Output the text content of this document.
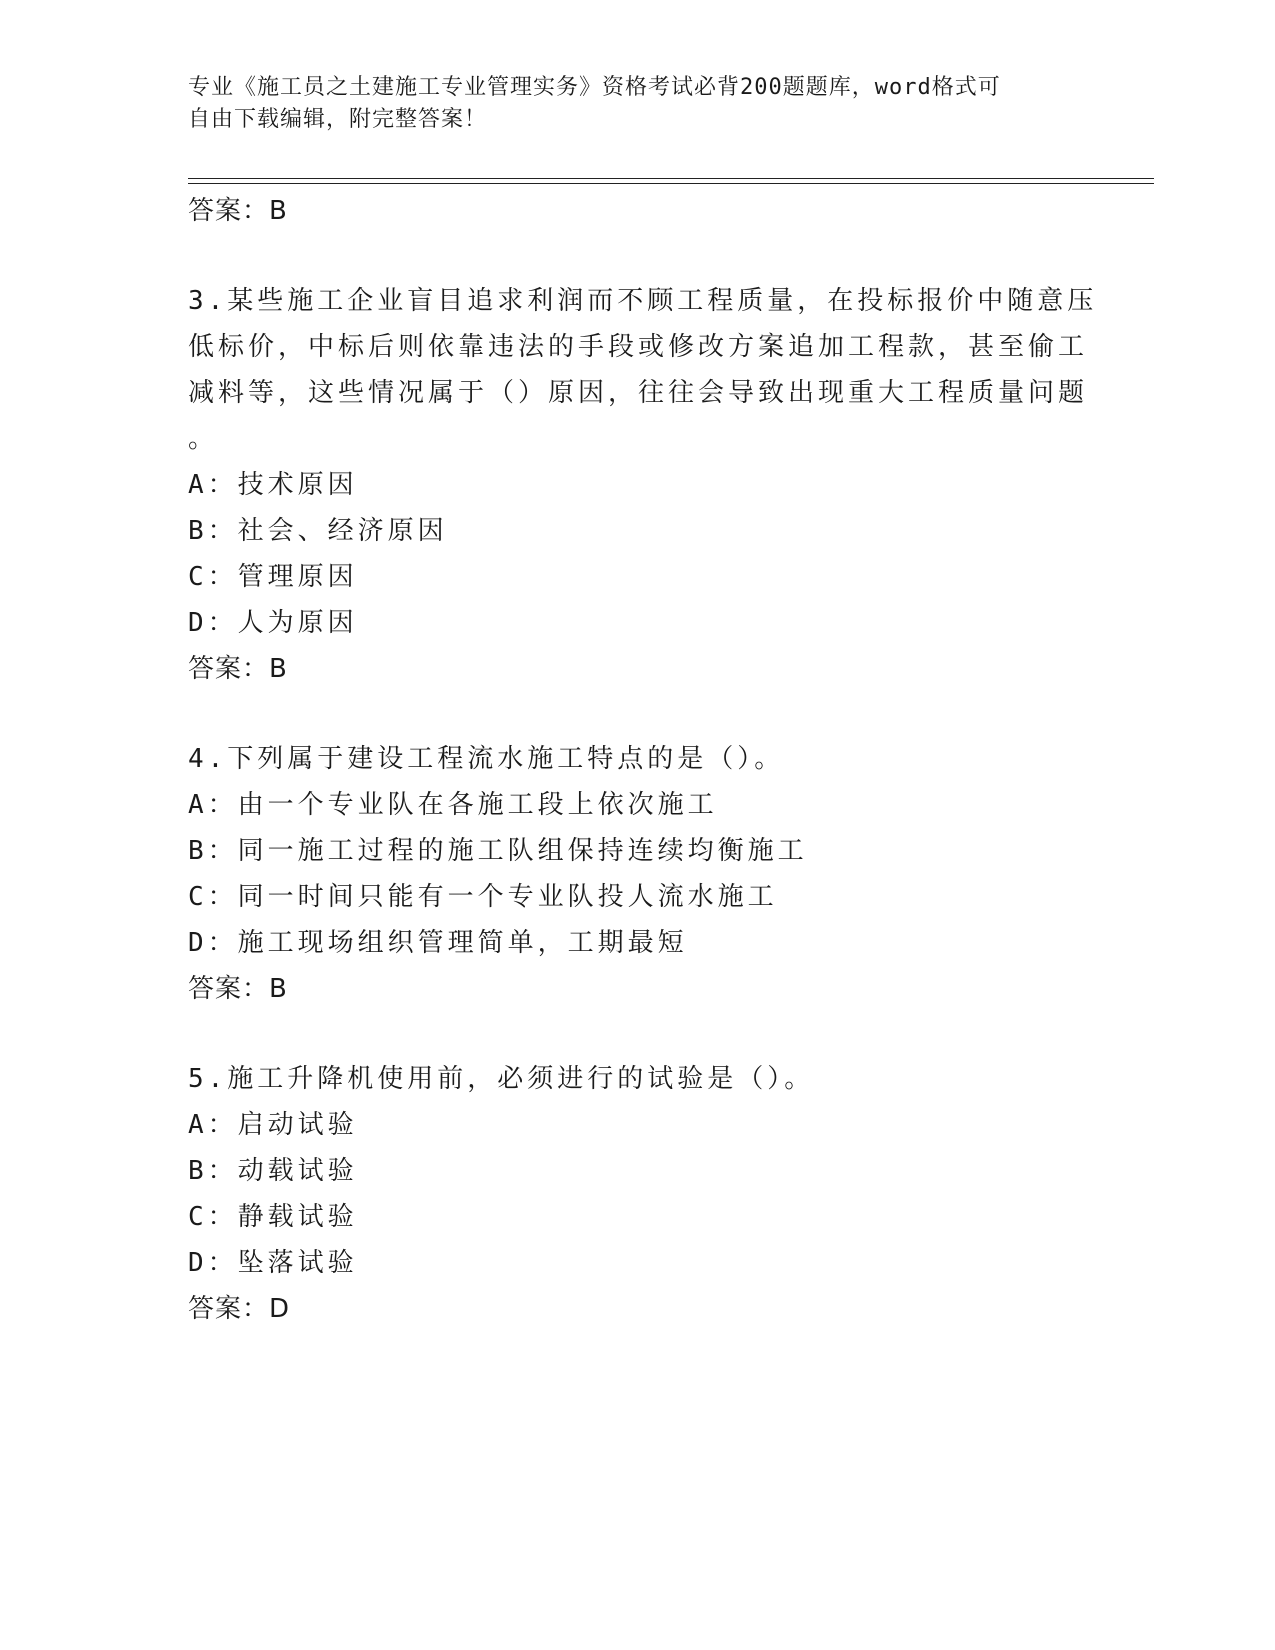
专业《施工员之土建施工专业管理实务》资格考试必背200题题库，word格式可
自由下载编辑，附完整答案！
答案：B
3.某些施工企业盲目追求利润而不顾工程质量，在投标报价中随意压
低标价，中标后则依靠违法的手段或修改方案追加工程款，甚至偷工
减料等，这些情况属于（）原因，往往会导致出现重大工程质量问题
。
A：技术原因
B：社会、经济原因
C：管理原因
D：人为原因
答案：B
4.下列属于建设工程流水施工特点的是（）。
A：由一个专业队在各施工段上依次施工
B：同一施工过程的施工队组保持连续均衡施工
C：同一时间只能有一个专业队投人流水施工
D：施工现场组织管理简单，工期最短
答案：B
5.施工升降机使用前，必须进行的试验是（）。
A：启动试验
B：动载试验
C：静载试验
D：坠落试验
答案：D
